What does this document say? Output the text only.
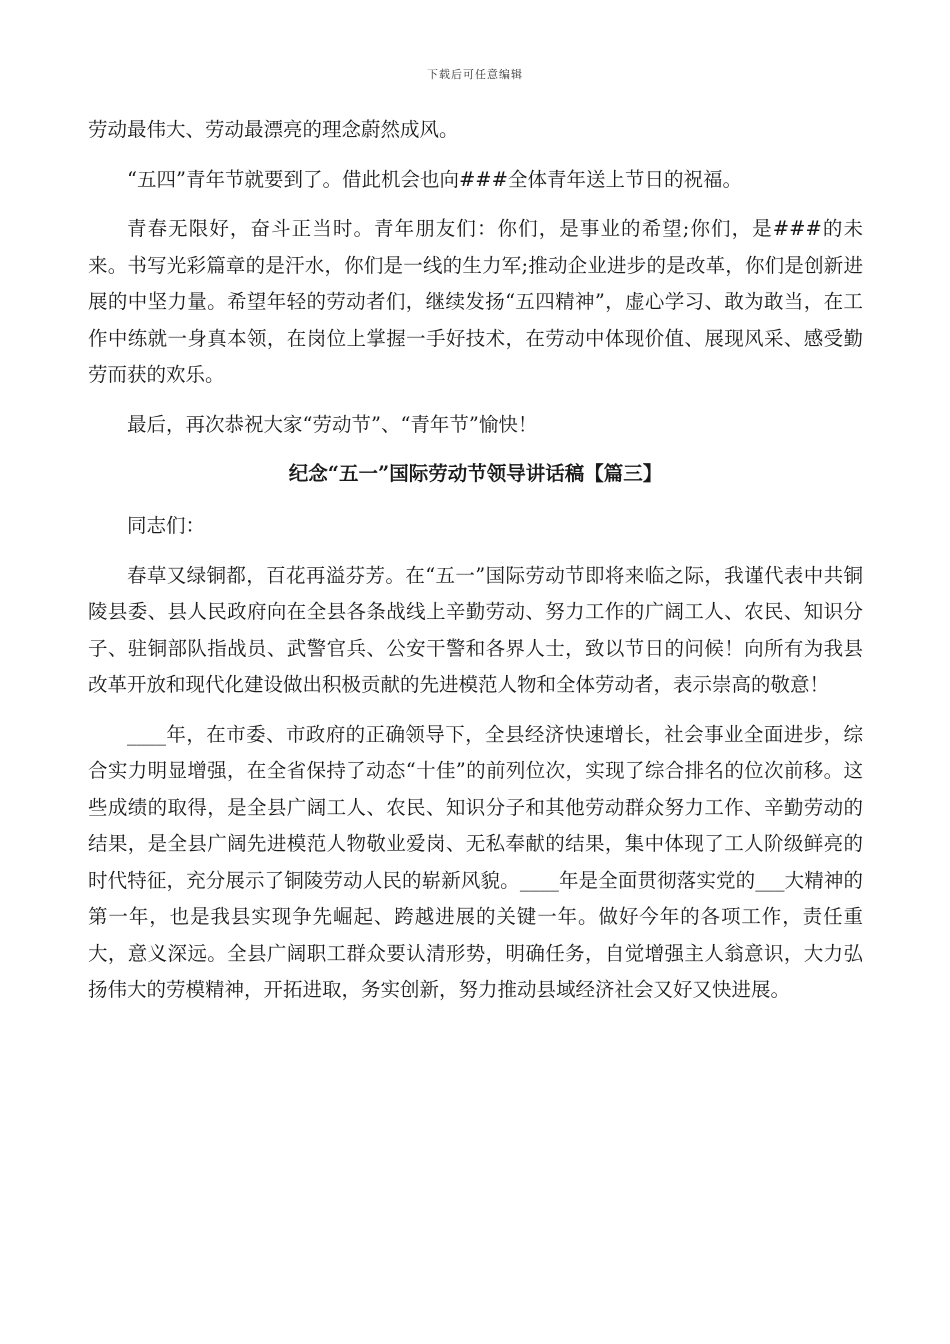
下载后可任意编辑

劳动最伟大、劳动最漂亮的理念蔚然成风。

“五四”青年节就要到了。借此机会也向###全体青年送上节日的祝福。

青春无限好，奋斗正当时。青年朋友们：你们，是事业的希望;你们，是###的未来。书写光彩篇章的是汗水，你们是一线的生力军;推动企业进步的是改革，你们是创新进展的中坚力量。希望年轻的劳动者们，继续发扬“五四精神”，虚心学习、敢为敢当，在工作中练就一身真本领，在岗位上掌握一手好技术，在劳动中体现价值、展现风采、感受勤劳而获的欢乐。

最后，再次恭祝大家“劳动节”、“青年节”愉快！

纪念“五一”国际劳动节领导讲话稿【篇三】

同志们：

春草又绿铜都，百花再溢芬芳。在“五一”国际劳动节即将来临之际，我谨代表中共铜陵县委、县人民政府向在全县各条战线上辛勤劳动、努力工作的广阔工人、农民、知识分子、驻铜部队指战员、武警官兵、公安干警和各界人士，致以节日的问候！向所有为我县改革开放和现代化建设做出积极贡献的先进模范人物和全体劳动者，表示崇高的敬意！

____年，在市委、市政府的正确领导下，全县经济快速增长，社会事业全面进步，综合实力明显增强，在全省保持了动态“十佳”的前列位次，实现了综合排名的位次前移。这些成绩的取得，是全县广阔工人、农民、知识分子和其他劳动群众努力工作、辛勤劳动的结果，是全县广阔先进模范人物敬业爱岗、无私奉献的结果，集中体现了工人阶级鲜亮的时代特征，充分展示了铜陵劳动人民的崭新风貌。____年是全面贯彻落实党的___大精神的第一年，也是我县实现争先崛起、跨越进展的关键一年。做好今年的各项工作，责任重大，意义深远。全县广阔职工群众要认清形势，明确任务，自觉增强主人翁意识，大力弘扬伟大的劳模精神，开拓进取，务实创新，努力推动县域经济社会又好又快进展。
